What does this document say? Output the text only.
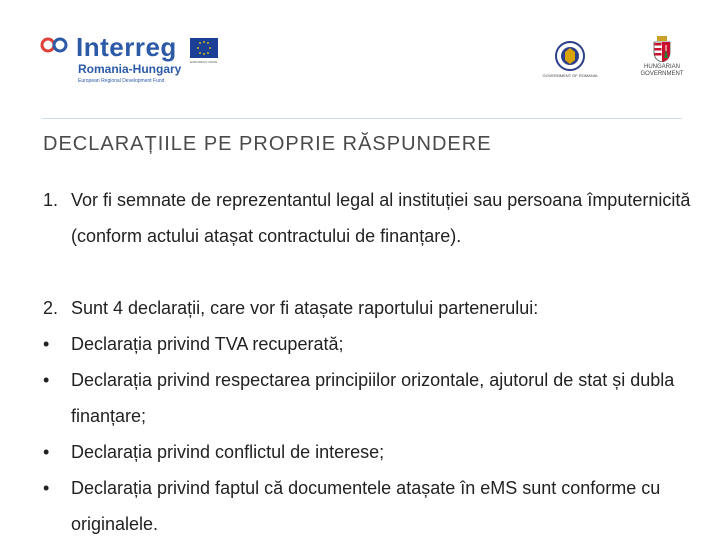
Interreg	EUROPEAN UNION
Romania-Hungary
European Regional Development Fund
GOVERNMENT OF ROMANIA
HUNGARIAN GOVERNMENT
DECLARAȚIILE PE PROPRIE RĂSPUNDERE
1. Vor fi semnate de reprezentantul legal al instituției sau persoana împuternicită (conform actului atașat contractului de finanțare).
2. Sunt 4 declarații, care vor fi atașate raportului partenerului:
• Declarația privind TVA recuperată;
• Declarația privind respectarea principiilor orizontale, ajutorul de stat și dubla finanțare;
• Declarația privind conflictul de interese;
• Declarația privind faptul că documentele atașate în eMS sunt conforme cu originalele.
